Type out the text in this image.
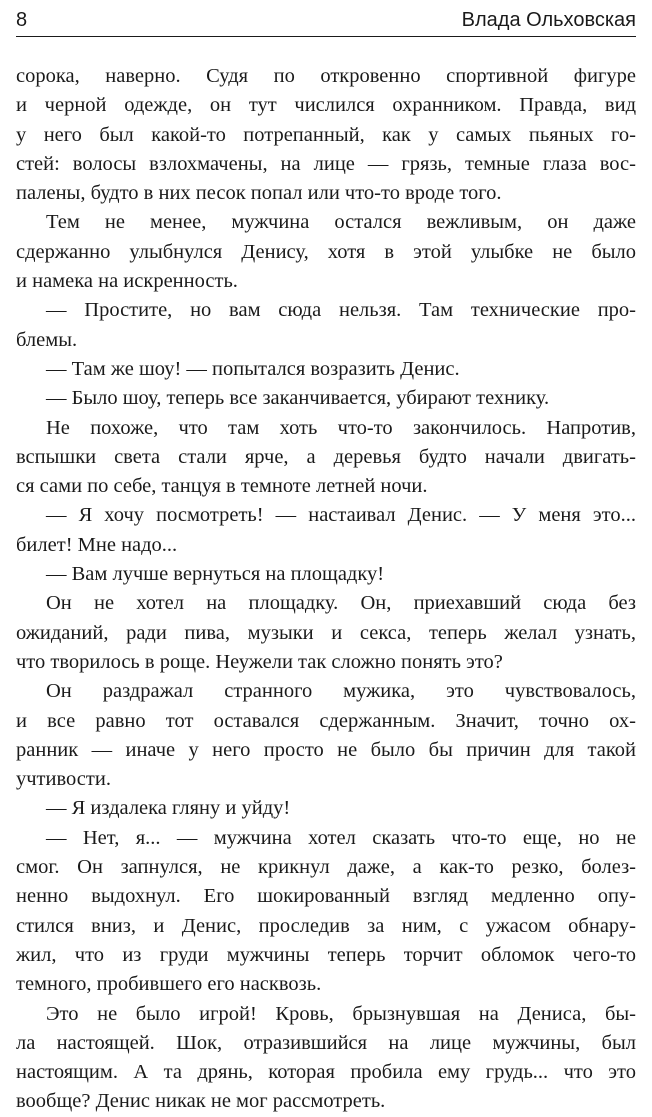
8	Влада Ольховская
сорока, наверно. Судя по откровенно спортивной фигуре
и черной одежде, он тут числился охранником. Правда, вид
у него был какой-то потрепанный, как у самых пьяных го-
стей: волосы взлохмачены, на лице — грязь, темные глаза вос-
палены, будто в них песок попал или что-то вроде того.
Тем не менее, мужчина остался вежливым, он даже
сдержанно улыбнулся Денису, хотя в этой улыбке не было
и намека на искренность.
— Простите, но вам сюда нельзя. Там технические про-
блемы.
— Там же шоу! — попытался возразить Денис.
— Было шоу, теперь все заканчивается, убирают технику.
Не похоже, что там хоть что-то закончилось. Напротив,
вспышки света стали ярче, а деревья будто начали двигать-
ся сами по себе, танцуя в темноте летней ночи.
— Я хочу посмотреть! — настаивал Денис. — У меня это...
билет! Мне надо...
— Вам лучше вернуться на площадку!
Он не хотел на площадку. Он, приехавший сюда без
ожиданий, ради пива, музыки и секса, теперь желал узнать,
что творилось в роще. Неужели так сложно понять это?
Он раздражал странного мужика, это чувствовалось,
и все равно тот оставался сдержанным. Значит, точно ох-
ранник — иначе у него просто не было бы причин для такой
учтивости.
— Я издалека гляну и уйду!
— Нет, я... — мужчина хотел сказать что-то еще, но не
смог. Он запнулся, не крикнул даже, а как-то резко, болез-
ненно выдохнул. Его шокированный взгляд медленно опу-
стился вниз, и Денис, проследив за ним, с ужасом обнару-
жил, что из груди мужчины теперь торчит обломок чего-то
темного, пробившего его насквозь.
Это не было игрой! Кровь, брызнувшая на Дениса, бы-
ла настоящей. Шок, отразившийся на лице мужчины, был
настоящим. А та дрянь, которая пробила ему грудь... что это
вообще? Денис никак не мог рассмотреть.
